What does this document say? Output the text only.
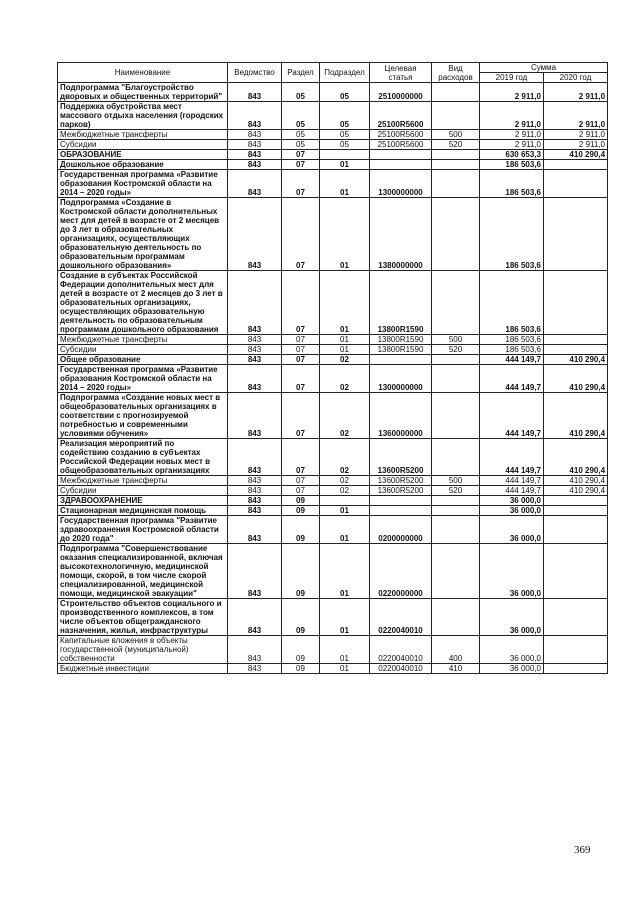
Наименование	Ведомство	Раздел	Подраздел	Целевая статья	Вид расходов	Сумма	
						2019 год	2020 год
Подпрограмма "Благоустройство дворовых и общественных территорий"	843	05	05	2510000000		2 911,0	2 911,0
Поддержка обустройства мест массового отдыха населения (городских парков)	843	05	05	25100R5600		2 911,0	2 911,0
Межбюджетные трансферты	843	05	05	25100R5600	500	2 911,0	2 911,0
Субсидии	843	05	05	25100R5600	520	2 911,0	2 911,0
ОБРАЗОВАНИЕ	843	07				630 653,3	410 290,4
Дошкольное образование	843	07	01			186 503,6	
Государственная программа «Развитие образования Костромской области на 2014 – 2020 годы»	843	07	01	1300000000		186 503,6	
Подпрограмма «Создание в Костромской области дополнительных мест для детей в возрасте от 2 месяцев до 3 лет в образовательных организациях, осуществляющих образовательную деятельность по образовательным программам дошкольного образования»	843	07	01	1380000000		186 503,6	
Создание в субъектах Российской Федерации дополнительных мест для детей в возрасте от 2 месяцев до 3 лет в образовательных организациях, осуществляющих образовательную деятельность по образовательным программам дошкольного образования	843	07	01	13800R1590		186 503,6	
Межбюджетные трансферты	843	07	01	13800R1590	500	186 503,6	
Субсидии	843	07	01	13800R1590	520	186 503,6	
Общее образование	843	07	02			444 149,7	410 290,4
Государственная программа «Развитие образования Костромской области на 2014 – 2020 годы»	843	07	02	1300000000		444 149,7	410 290,4
Подпрограмма «Создание новых мест в общеобразовательных организациях в соответствии с прогнозируемой потребностью и современными условиями обучения»	843	07	02	1360000000		444 149,7	410 290,4
Реализация мероприятий по содействию созданию в субъектах Российской Федерации новых мест в общеобразовательных организациях	843	07	02	13600R5200		444 149,7	410 290,4
Межбюджетные трансферты	843	07	02	13600R5200	500	444 149,7	410 290,4
Субсидии	843	07	02	13600R5200	520	444 149,7	410 290,4
ЗДРАВООХРАНЕНИЕ	843	09				36 000,0	
Стационарная медицинская помощь	843	09	01			36 000,0	
Государственная программа "Развитие здравоохранения Костромской области до 2020 года"	843	09	01	0200000000		36 000,0	
Подпрограмма "Совершенствование оказания специализированной, включая высокотехнологичную, медицинской помощи, скорой, в том числе скорой специализированной, медицинской помощи, медицинской эвакуации"	843	09	01	0220000000		36 000,0	
Строительство объектов социального и производственного комплексов, в том числе объектов общегражданского назначения, жилья, инфраструктуры	843	09	01	0220040010		36 000,0	
Капитальные вложения в объекты государственной (муниципальной) собственности	843	09	01	0220040010	400	36 000,0	
Бюджетные инвестиции	843	09	01	0220040010	410	36 000,0	
369
